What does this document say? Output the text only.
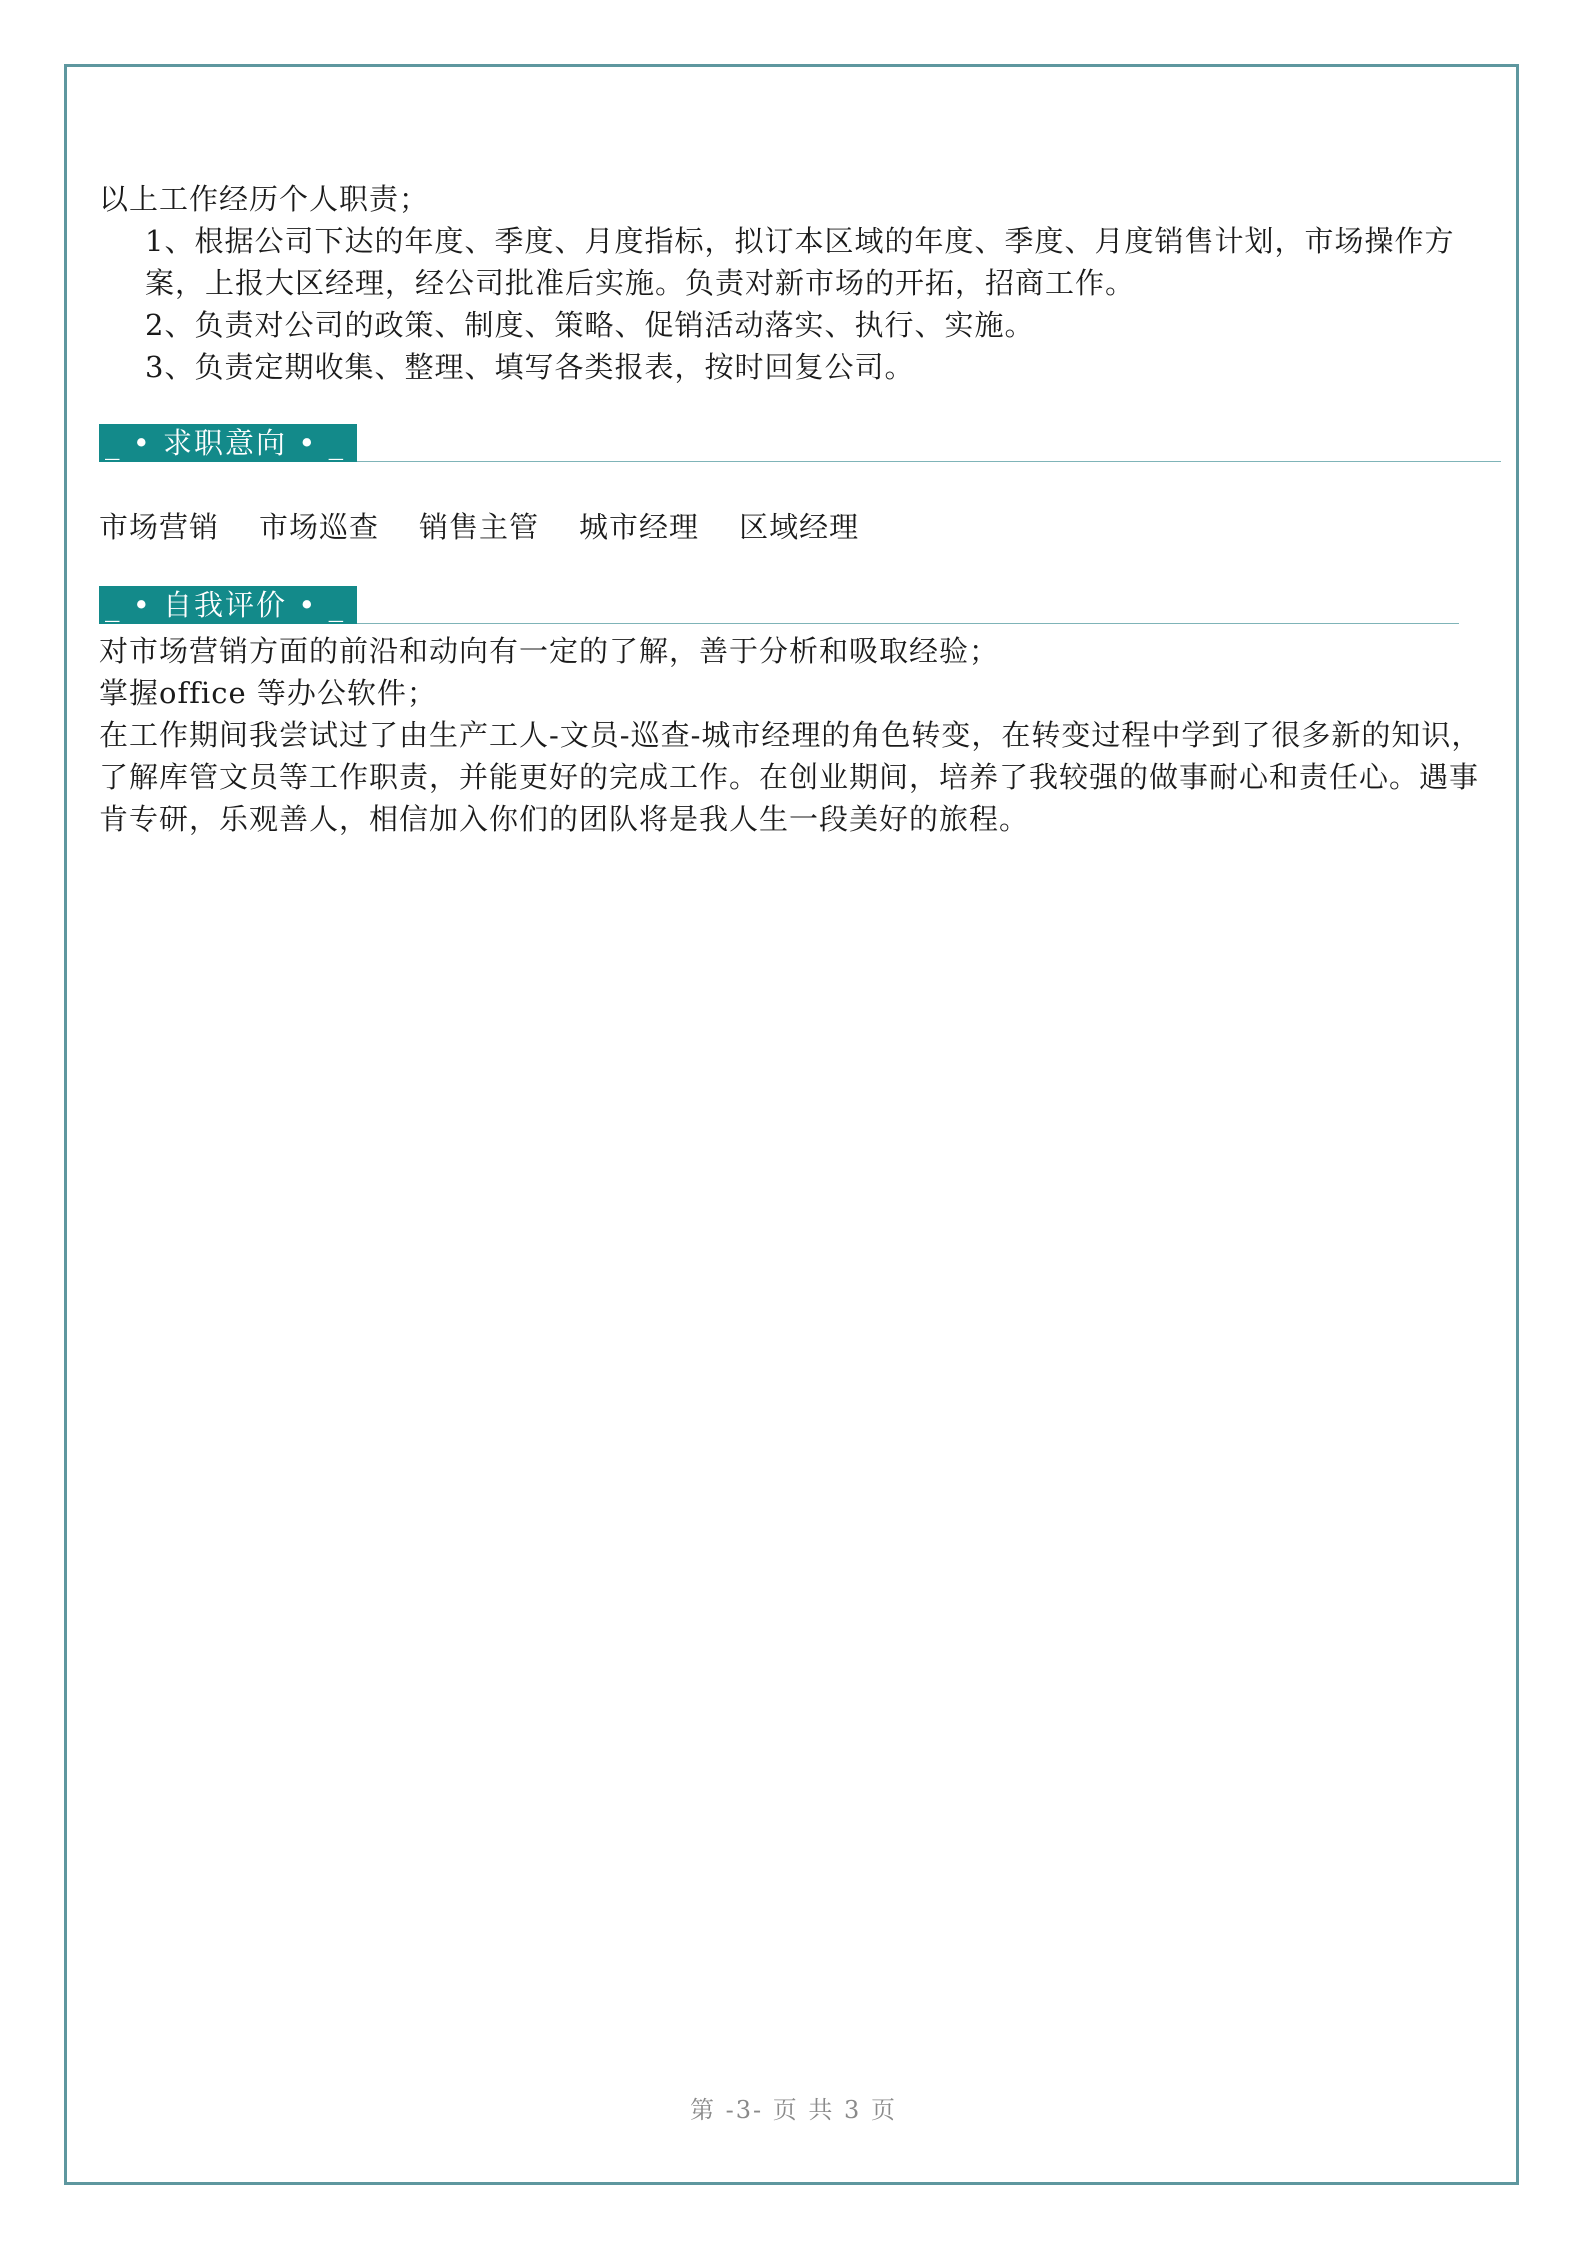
以上工作经历个人职责；

1、根据公司下达的年度、季度、月度指标，拟订本区域的年度、季度、月度销售计划，市场操作方案，上报大区经理，经公司批准后实施。负责对新市场的开拓，招商工作。

2、负责对公司的政策、制度、策略、促销活动落实、执行、实施。

3、负责定期收集、整理、填写各类报表，按时回复公司。

_ • 求职意向 • _
市场营销 市场巡查 销售主管 城市经理 区域经理
_ • 自我评价 • _

对市场营销方面的前沿和动向有一定的了解，善于分析和吸取经验；

掌握office 等办公软件；

在工作期间我尝试过了由生产工人-文员-巡查-城市经理的角色转变，在转变过程中学到了很多新的知识，了解库管文员等工作职责，并能更好的完成工作。在创业期间，培养了我较强的做事耐心和责任心。遇事肯专研，乐观善人，相信加入你们的团队将是我人生一段美好的旅程。

第 -3- 页 共 3 页
